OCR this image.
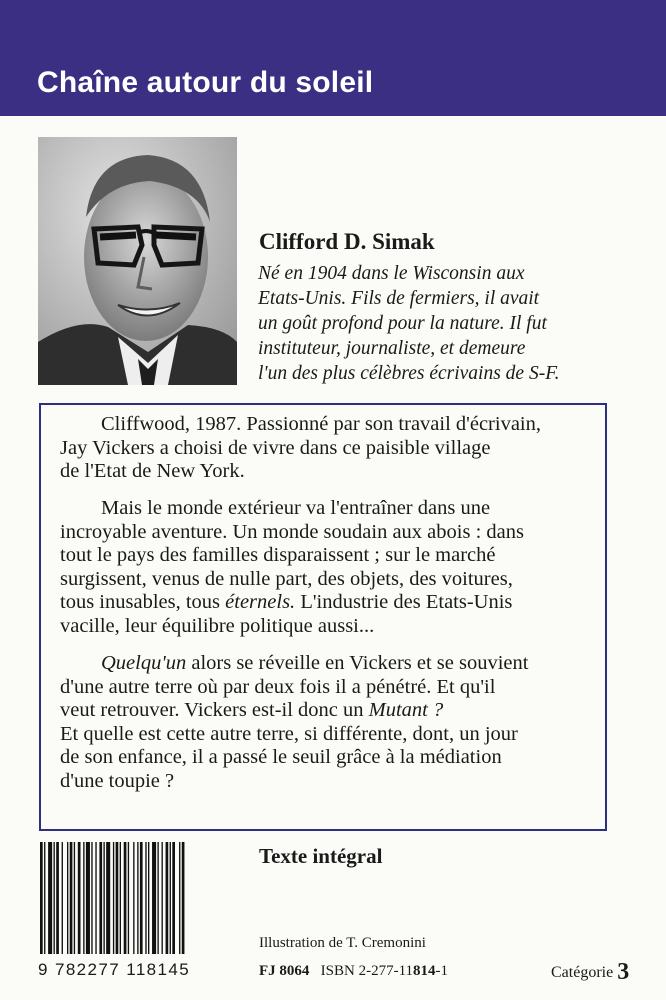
Chaîne autour du soleil
Clifford D. Simak
Né en 1904 dans le Wisconsin aux
Etats-Unis. Fils de fermiers, il avait
un goût profond pour la nature. Il fut
instituteur, journaliste, et demeure
l'un des plus célèbres écrivains de S-F.
Cliffwood, 1987. Passionné par son travail d'écrivain,
Jay Vickers a choisi de vivre dans ce paisible village
de l'Etat de New York.
Mais le monde extérieur va l'entraîner dans une
incroyable aventure. Un monde soudain aux abois : dans
tout le pays des familles disparaissent ; sur le marché
surgissent, venus de nulle part, des objets, des voitures,
tous inusables, tous éternels. L'industrie des Etats-Unis
vacille, leur équilibre politique aussi...
Quelqu'un alors se réveille en Vickers et se souvient
d'une autre terre où par deux fois il a pénétré. Et qu'il
veut retrouver. Vickers est-il donc un Mutant ?
Et quelle est cette autre terre, si différente, dont, un jour
de son enfance, il a passé le seuil grâce à la médiation
d'une toupie ?
9 782277 118145
Texte intégral
Illustration de T. Cremonini
FJ 8064 ISBN 2-277-11814-1	Catégorie 3
